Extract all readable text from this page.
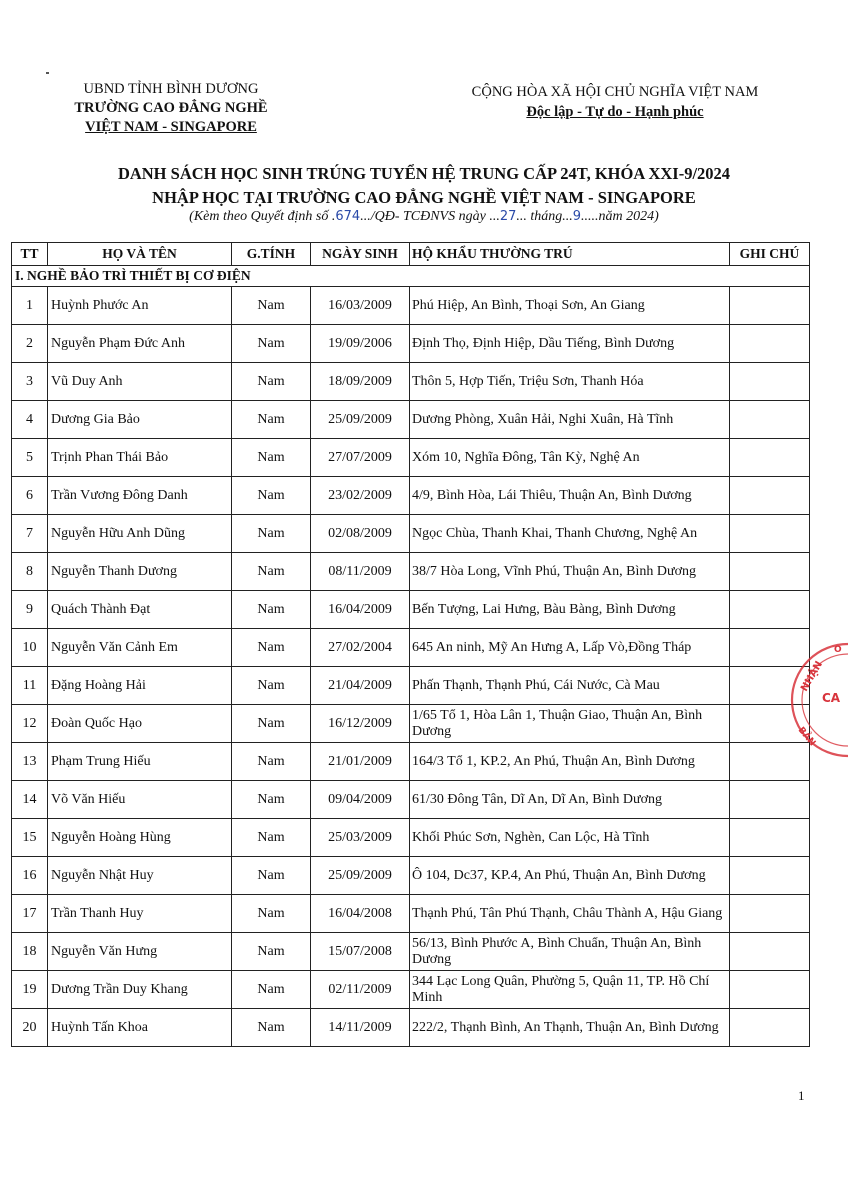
UBND TỈNH BÌNH DƯƠNG
TRƯỜNG CAO ĐẲNG NGHỀ
VIỆT NAM - SINGAPORE
CỘNG HÒA XÃ HỘI CHỦ NGHĨA VIỆT NAM
Độc lập - Tự do - Hạnh phúc
DANH SÁCH HỌC SINH TRÚNG TUYỂN HỆ TRUNG CẤP 24T, KHÓA XXI-9/2024
NHẬP HỌC TẠI TRƯỜNG CAO ĐẲNG NGHỀ VIỆT NAM - SINGAPORE
(Kèm theo Quyết định số .674.../QĐ- TCĐNVS ngày ...27... tháng...9.....năm 2024)
TT	HỌ VÀ TÊN	G.TÍNH	NGÀY SINH	HỘ KHẨU THƯỜNG TRÚ	GHI CHÚ
I. NGHỀ BẢO TRÌ THIẾT BỊ CƠ ĐIỆN					
1	Huỳnh Phước An	Nam	16/03/2009	Phú Hiệp, An Bình, Thoại Sơn, An Giang	
2	Nguyễn Phạm Đức Anh	Nam	19/09/2006	Định Thọ, Định Hiệp, Dầu Tiếng, Bình Dương	
3	Vũ Duy Anh	Nam	18/09/2009	Thôn 5, Hợp Tiến, Triệu Sơn, Thanh Hóa	
4	Dương Gia Bảo	Nam	25/09/2009	Dương Phòng, Xuân Hải, Nghi Xuân, Hà Tĩnh	
5	Trịnh Phan Thái Bảo	Nam	27/07/2009	Xóm 10, Nghĩa Đông, Tân Kỳ, Nghệ An	
6	Trần Vương Đông Danh	Nam	23/02/2009	4/9, Bình Hòa, Lái Thiêu, Thuận An, Bình Dương	
7	Nguyễn Hữu Anh Dũng	Nam	02/08/2009	Ngọc Chùa, Thanh Khai, Thanh Chương, Nghệ An	
8	Nguyễn Thanh Dương	Nam	08/11/2009	38/7 Hòa Long, Vĩnh Phú, Thuận An, Bình Dương	
9	Quách Thành Đạt	Nam	16/04/2009	Bến Tượng, Lai Hưng, Bàu Bàng, Bình Dương	
10	Nguyễn Văn Cảnh Em	Nam	27/02/2004	645 An ninh, Mỹ An Hưng A, Lấp Vò,Đồng Tháp	
11	Đặng Hoàng Hải	Nam	21/04/2009	Phấn Thạnh, Thạnh Phú, Cái Nước, Cà Mau	
12	Đoàn Quốc Hạo	Nam	16/12/2009	1/65 Tổ 1, Hòa Lân 1, Thuận Giao, Thuận An, Bình Dương	
13	Phạm Trung Hiếu	Nam	21/01/2009	164/3 Tổ 1, KP.2, An Phú, Thuận An, Bình Dương	
14	Võ Văn Hiếu	Nam	09/04/2009	61/30 Đông Tân, Dĩ An, Dĩ An, Bình Dương	
15	Nguyễn Hoàng Hùng	Nam	25/03/2009	Khối Phúc Sơn, Nghèn, Can Lộc, Hà Tĩnh	
16	Nguyễn Nhật Huy	Nam	25/09/2009	Ô 104, Dc37, KP.4, An Phú, Thuận An, Bình Dương	
17	Trần Thanh Huy	Nam	16/04/2008	Thạnh Phú, Tân Phú Thạnh, Châu Thành A, Hậu Giang	
18	Nguyễn Văn Hưng	Nam	15/07/2008	56/13, Bình Phước A, Bình Chuẩn, Thuận An, Bình Dương	
19	Dương Trần Duy Khang	Nam	02/11/2009	344 Lạc Long Quân, Phường 5, Quận 11, TP. Hồ Chí Minh	
20	Huỳnh Tấn Khoa	Nam	14/11/2009	222/2, Thạnh Bình, An Thạnh, Thuận An, Bình Dương	
NHẬN
CA
BẢN
O
1
